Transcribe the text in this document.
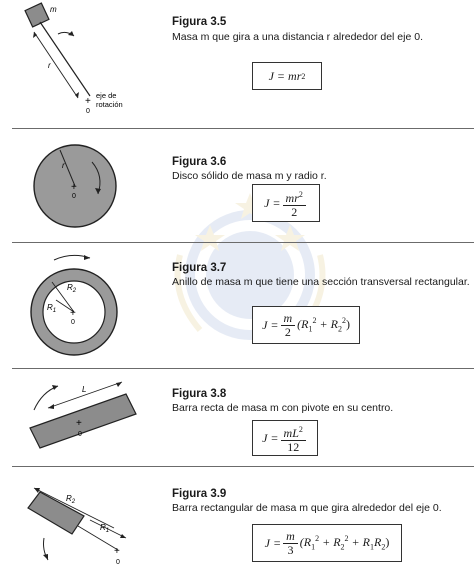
m
r
+
eje de
rotación
0
Figura 3.5
Masa m que gira a una distancia r alrededor del eje 0.
J =
mr 2
r
+
0
Figura 3.6
Disco sólido de masa m y radio r.
$J = \frac{mr^2}{2}$
$R_2$
$R_1$ +
0
Figura 3.7
Anillo de masa m que tiene una sección transversal rectangular.
$J = \frac{m}{2} (R_1^2 + R_2^2)$
L
+
0
Figura 3.8
Barra recta de masa m con pivote en su centro.
$J = \frac{mL^2}{12}$
$R_2$
$R_1$
+
0
Figura 3.9
Barra rectangular de masa m que gira alrededor del eje 0.
$J = \frac{m}{3} (R_1^2 + R_2^2 + R_1R_2)$
